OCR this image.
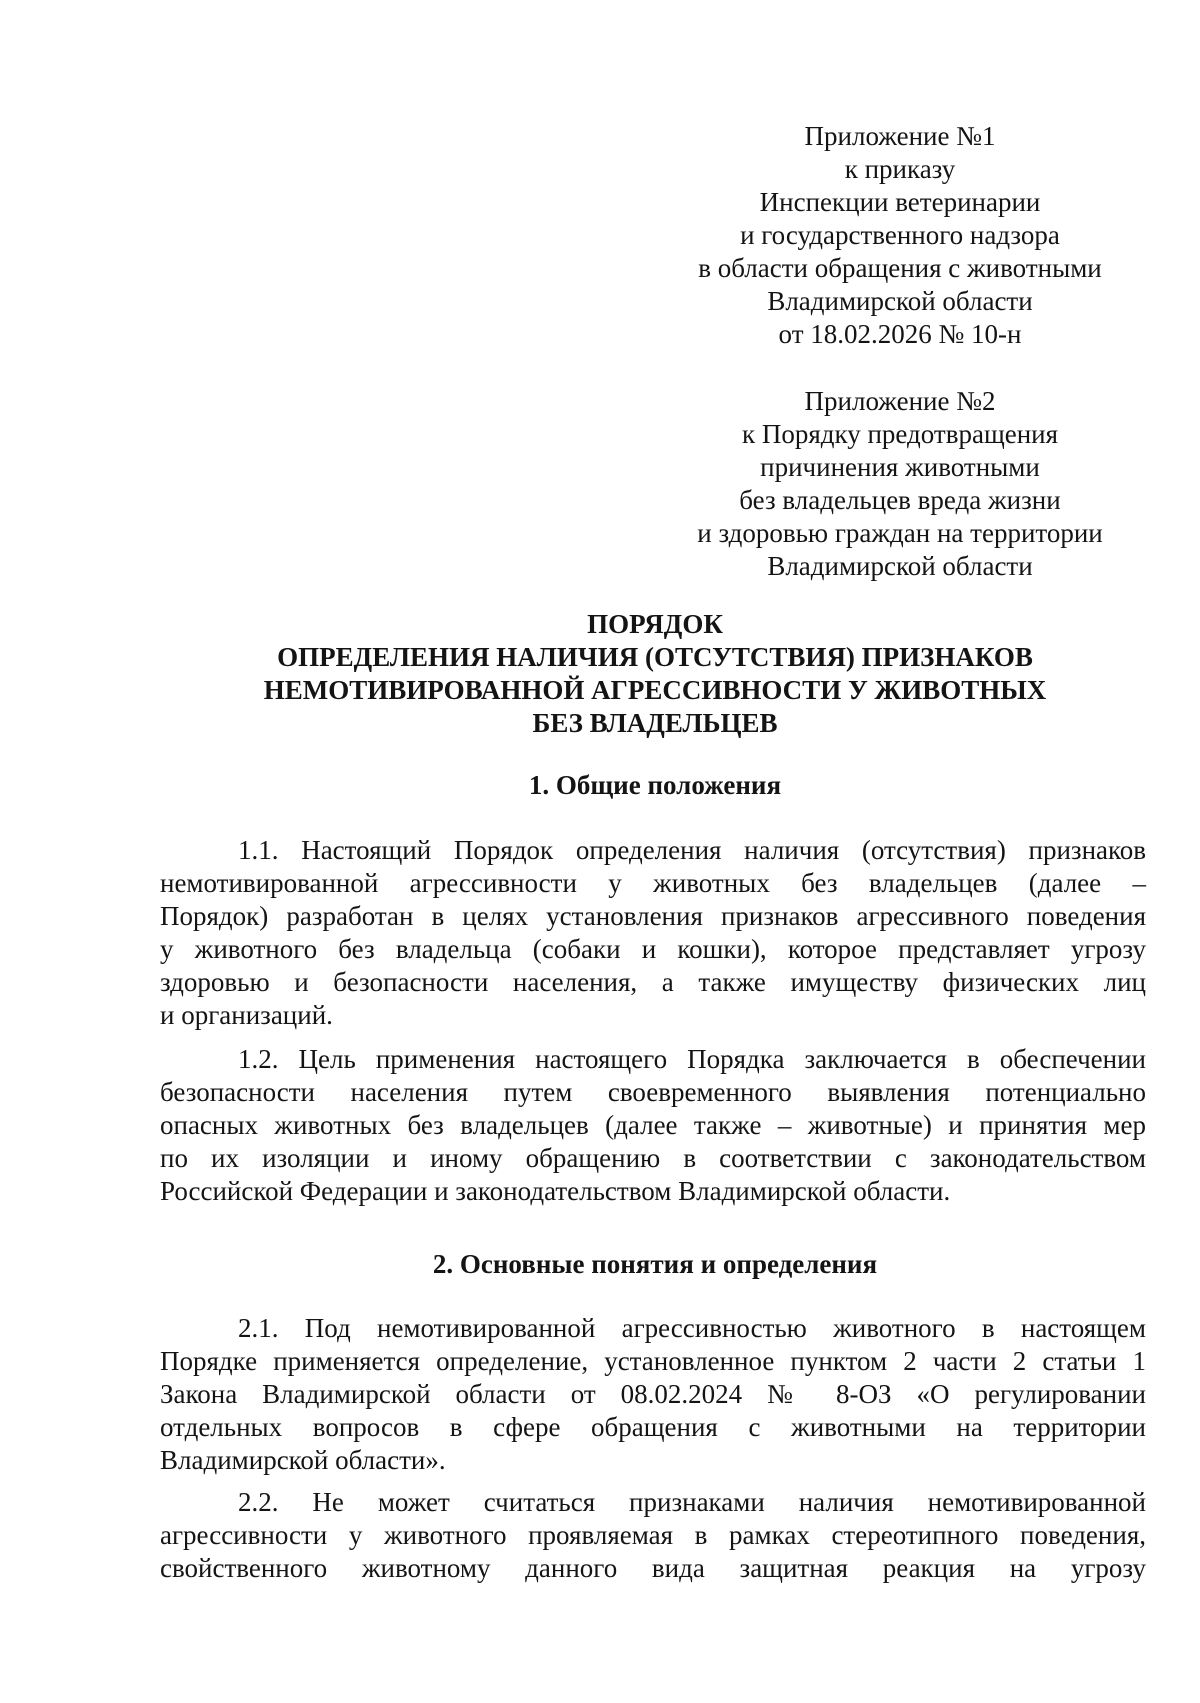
Приложение №1
к приказу
Инспекции ветеринарии
и государственного надзора
в области обращения с животными
Владимирской области
от 18.02.2026 № 10-н
Приложение №2
к Порядку предотвращения
причинения животными
без владельцев вреда жизни
и здоровью граждан на территории
Владимирской области
ПОРЯДОК
ОПРЕДЕЛЕНИЯ НАЛИЧИЯ (ОТСУТСТВИЯ) ПРИЗНАКОВ
НЕМОТИВИРОВАННОЙ АГРЕССИВНОСТИ У ЖИВОТНЫХ
БЕЗ ВЛАДЕЛЬЦЕВ
1. Общие положения
1.1. Настоящий Порядок определения наличия (отсутствия) признаков
немотивированной агрессивности у животных без владельцев (далее –
Порядок) разработан в целях установления признаков агрессивного поведения
у животного без владельца (собаки и кошки), которое представляет угрозу
здоровью и безопасности населения, а также имуществу физических лиц
и организаций.
1.2. Цель применения настоящего Порядка заключается в обеспечении
безопасности населения путем своевременного выявления потенциально
опасных животных без владельцев (далее также – животные) и принятия мер
по их изоляции и иному обращению в соответствии с законодательством
Российской Федерации и законодательством Владимирской области.
2. Основные понятия и определения
2.1. Под немотивированной агрессивностью животного в настоящем
Порядке применяется определение, установленное пунктом 2 части 2 статьи 1
Закона Владимирской области от 08.02.2024 № 8-ОЗ «О регулировании
отдельных вопросов в сфере обращения с животными на территории
Владимирской области».
2.2. Не может считаться признаками наличия немотивированной
агрессивности у животного проявляемая в рамках стереотипного поведения,
свойственного животному данного вида защитная реакция на угрозу
